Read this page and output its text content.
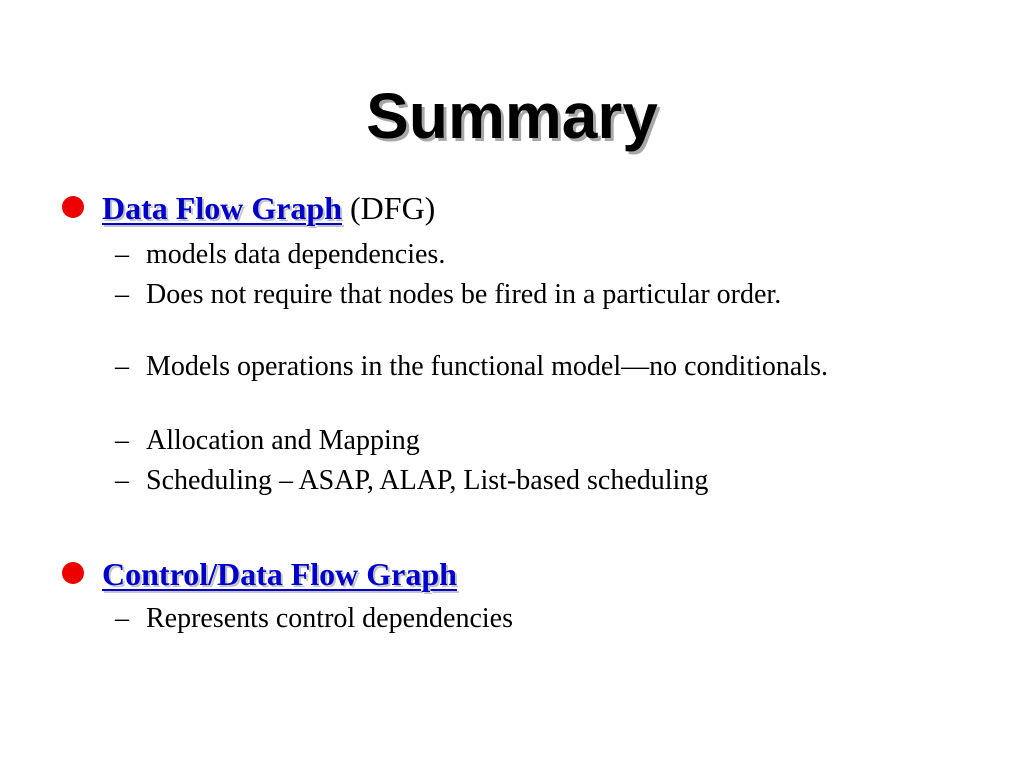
Summary
Data Flow Graph (DFG)
– models data dependencies.
– Does not require that nodes be fired in a particular order.
– Models operations in the functional model—no conditionals.
– Allocation and Mapping
– Scheduling – ASAP, ALAP, List-based scheduling
Control/Data Flow Graph
– Represents control dependencies
